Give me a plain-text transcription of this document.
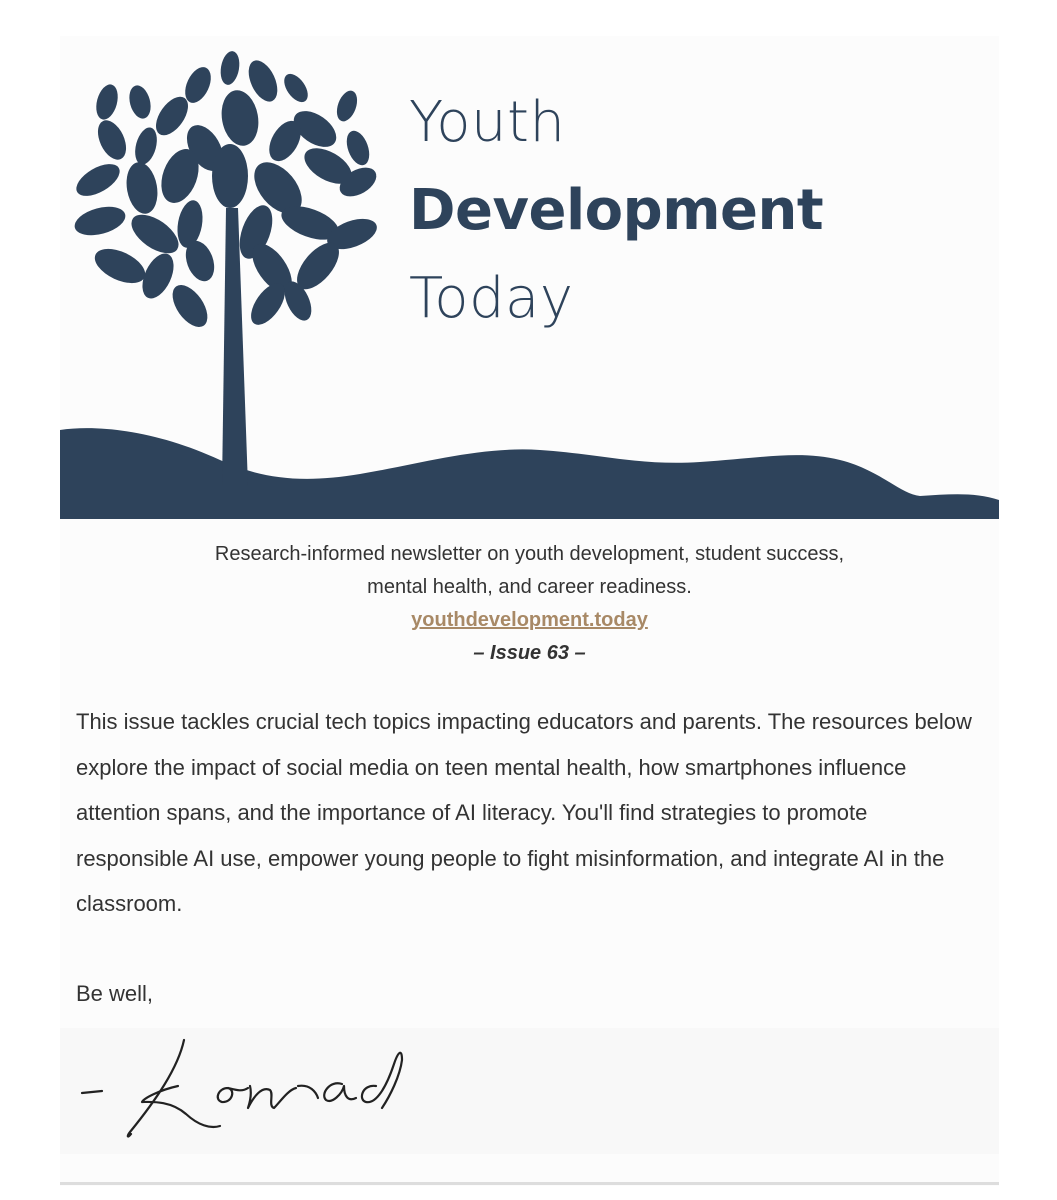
Youth
Development
Today
Research-informed newsletter on youth development, student success,
mental health, and career readiness.
youthdevelopment.today
– Issue 63 –

This issue tackles crucial tech topics impacting educators and parents. The resources below explore the impact of social media on teen mental health, how smartphones influence attention spans, and the importance of AI literacy. You'll find strategies to promote responsible AI use, empower young people to fight misinformation, and integrate AI in the classroom.

Be well,
